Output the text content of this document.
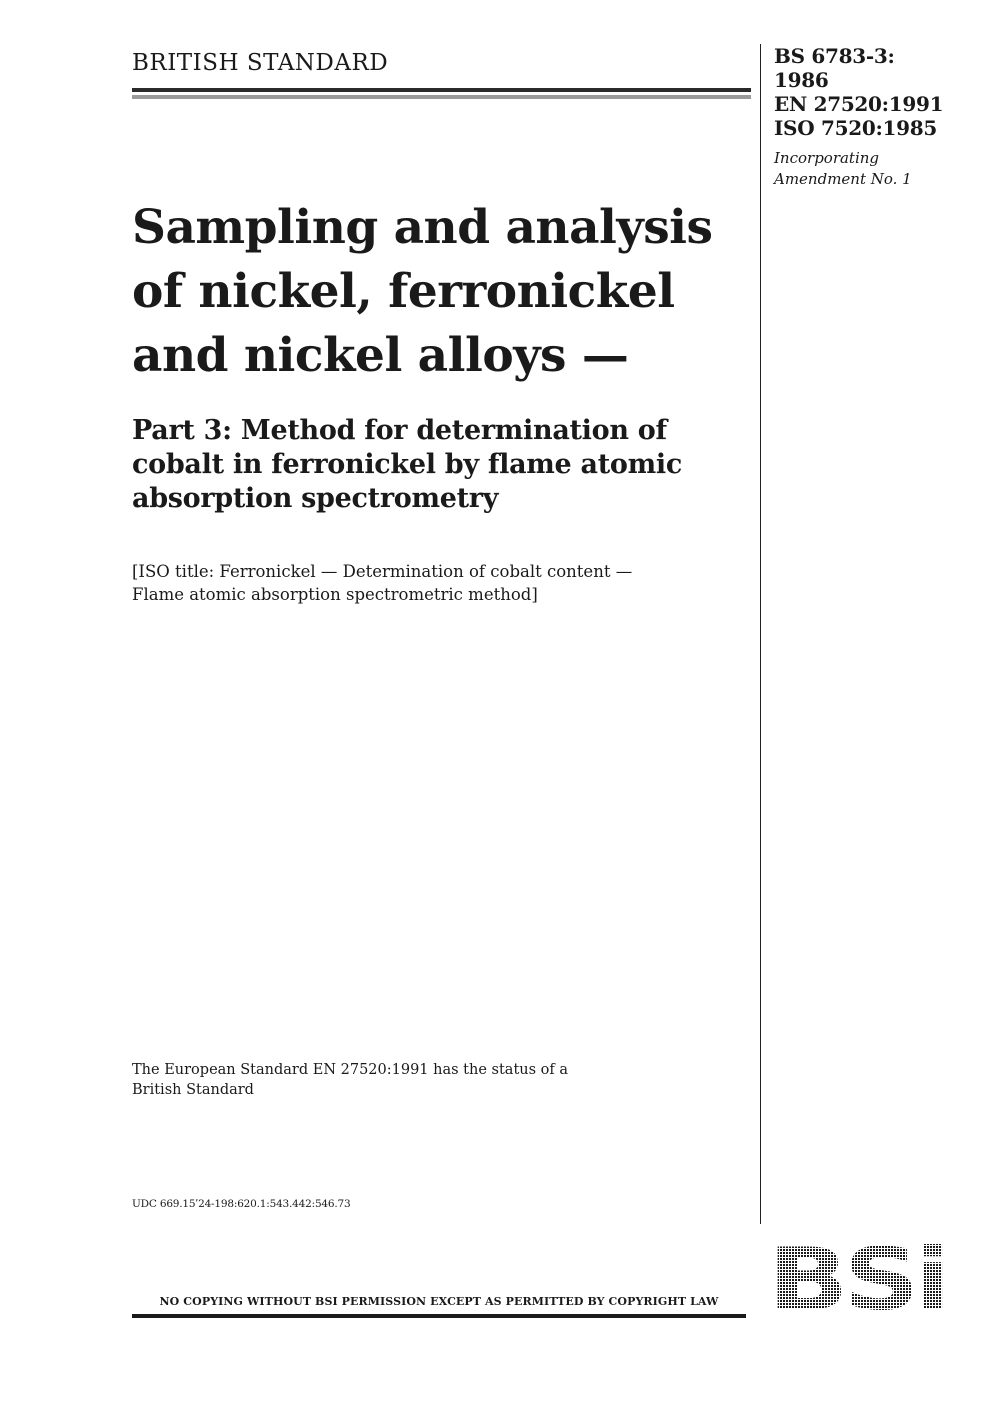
BRITISH STANDARD	BS 6783-3:
1986
EN 27520:1991
ISO 7520:1985
Incorporating
Amendment No. 1
Sampling and analysis
of nickel, ferronickel
and nickel alloys —
Part 3: Method for determination of
cobalt in ferronickel by flame atomic
absorption spectrometry
[ISO title: Ferronickel — Determination of cobalt content —
Flame atomic absorption spectrometric method]
The European Standard EN 27520:1991 has the status of a
British Standard
UDC 669.15ʹ24-198:620.1:543.442:546.73
NO COPYING WITHOUT BSI PERMISSION EXCEPT AS PERMITTED BY COPYRIGHT LAW BSi
